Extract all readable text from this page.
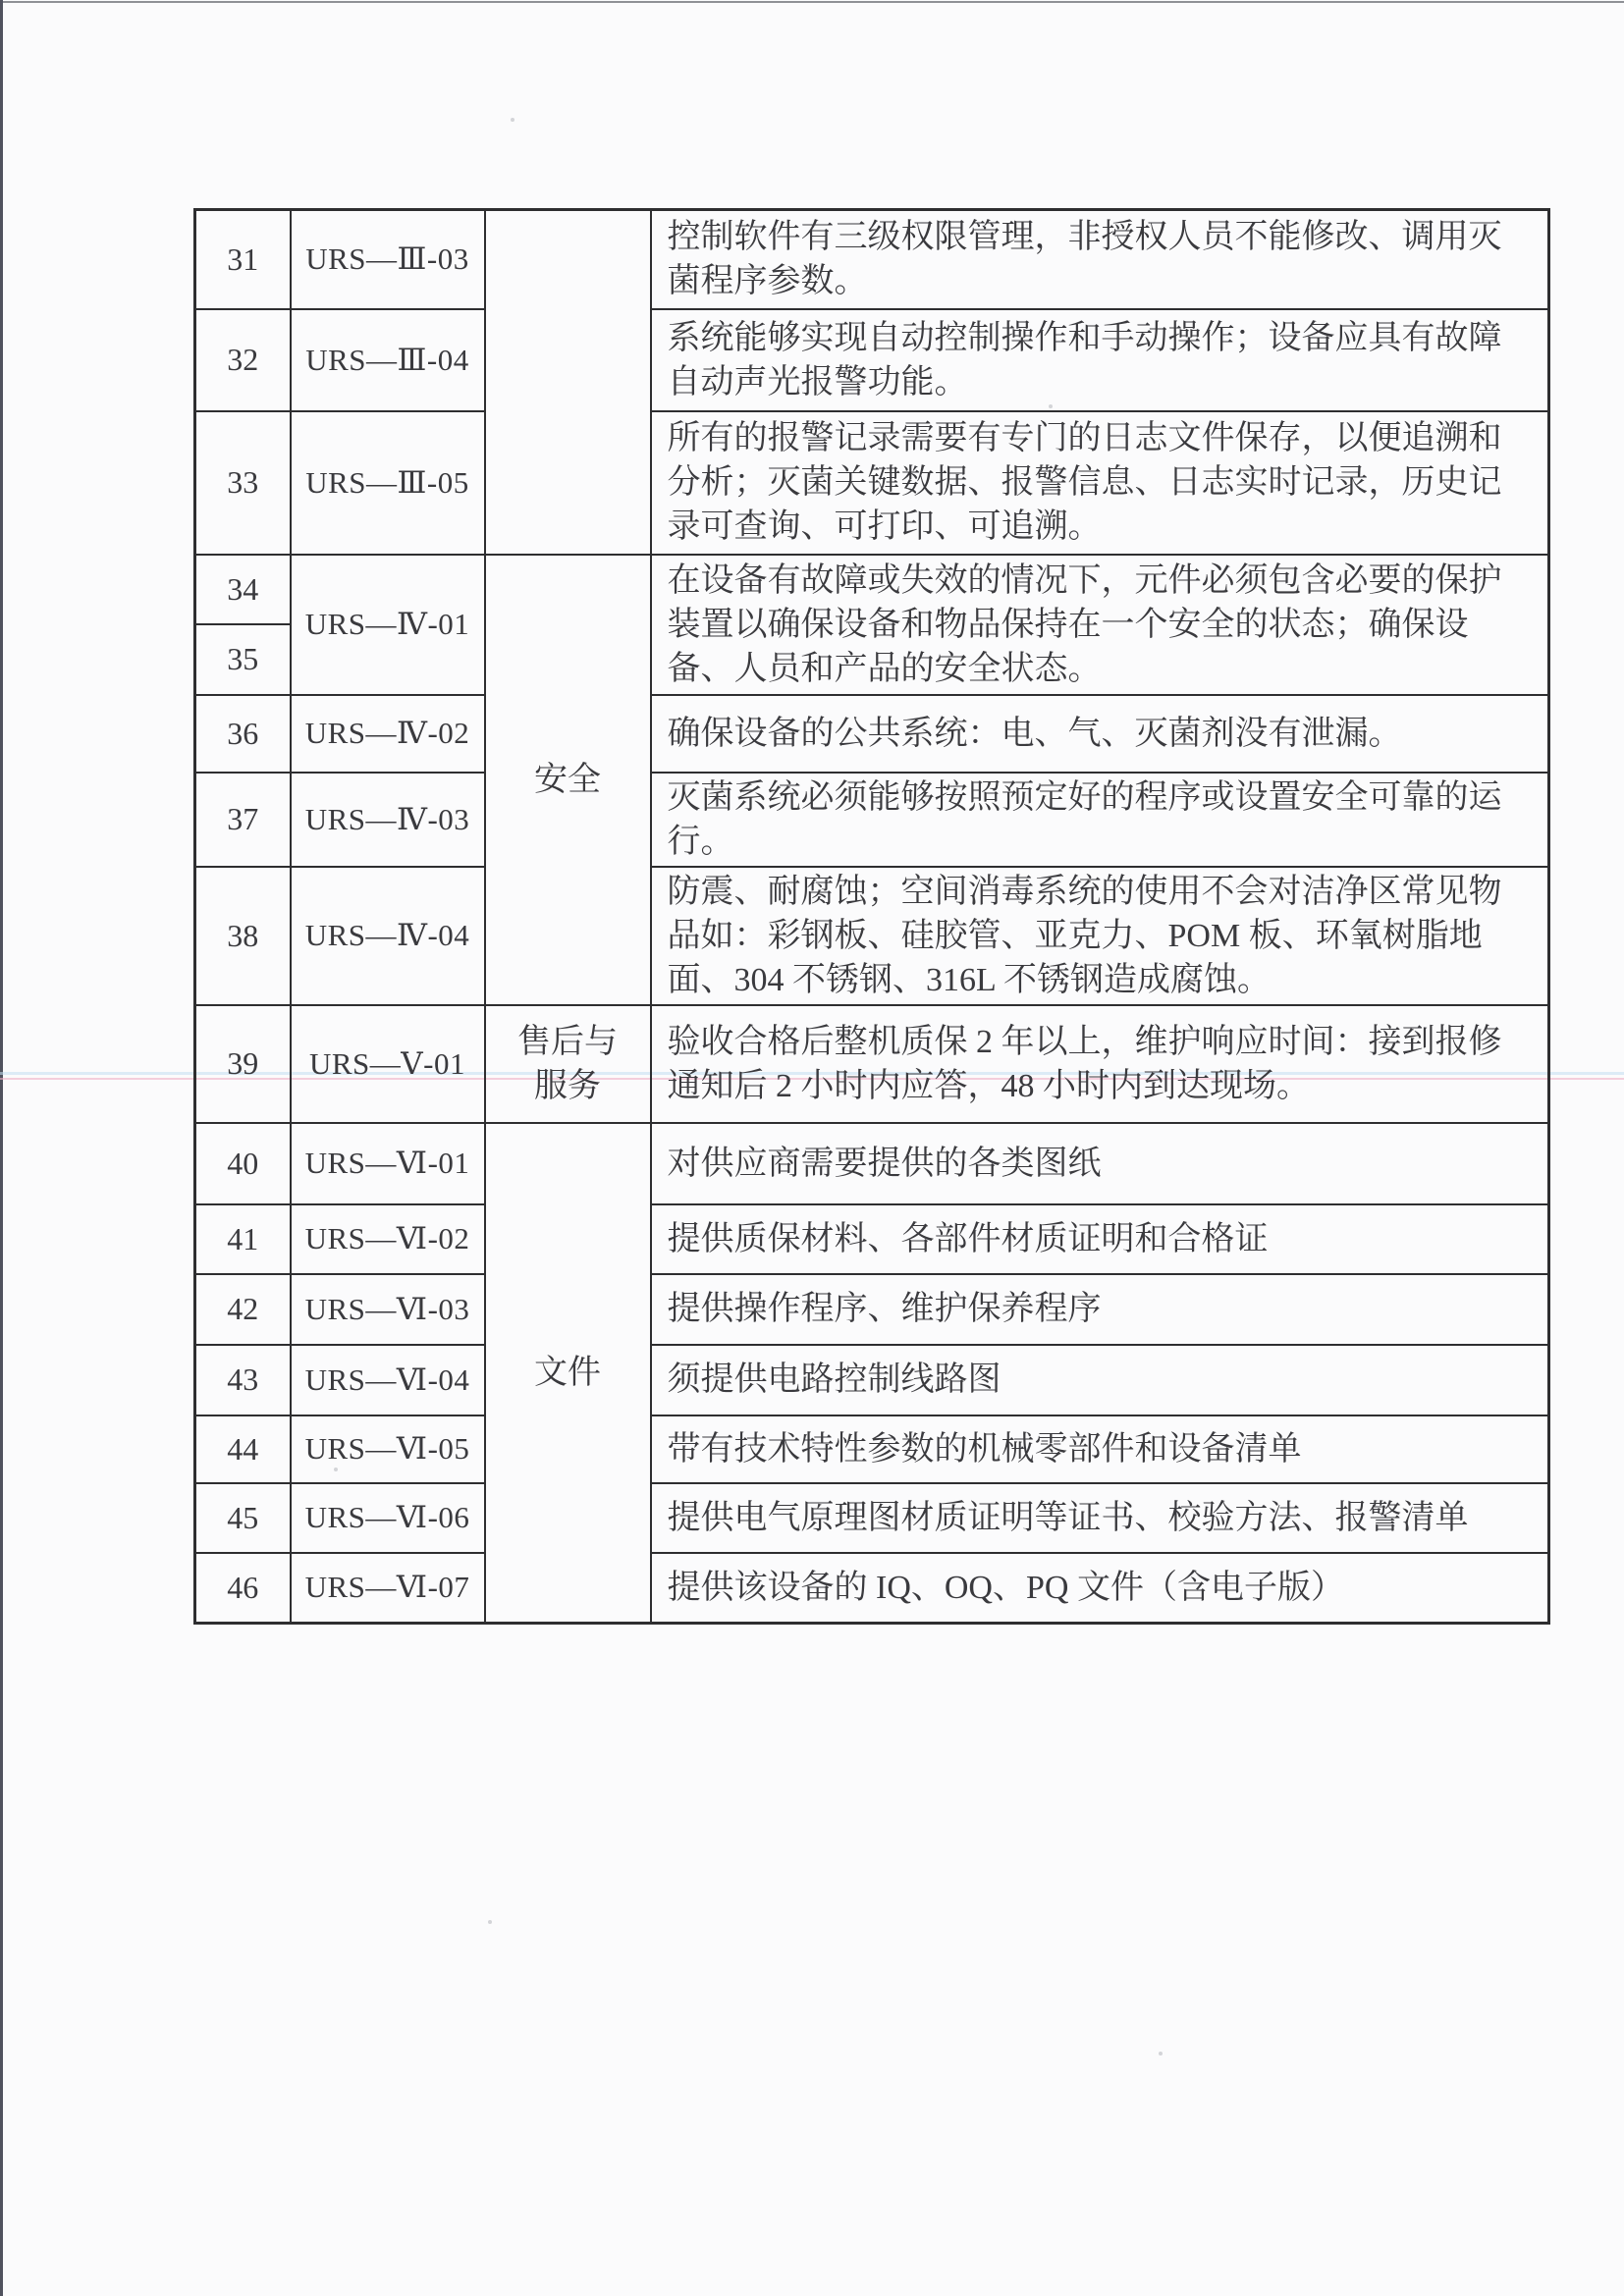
31	URS—Ⅲ-03		控制软件有三级权限管理，非授权人员不能修改、调用灭菌程序参数。
32	URS—Ⅲ-04		系统能够实现自动控制操作和手动操作；设备应具有故障自动声光报警功能。
33	URS—Ⅲ-05		所有的报警记录需要有专门的日志文件保存，以便追溯和分析；灭菌关键数据、报警信息、日志实时记录，历史记录可查询、可打印、可追溯。
34	URS—Ⅳ-01	安全	在设备有故障或失效的情况下，元件必须包含必要的保护装置以确保设备和物品保持在一个安全的状态；确保设备、人员和产品的安全状态。
35			
36	URS—Ⅳ-02		确保设备的公共系统：电、气、灭菌剂没有泄漏。
37	URS—Ⅳ-03		灭菌系统必须能够按照预定好的程序或设置安全可靠的运行。
38	URS—Ⅳ-04		防震、耐腐蚀；空间消毒系统的使用不会对洁净区常见物品如：彩钢板、硅胶管、亚克力、POM 板、环氧树脂地面、304 不锈钢、316L 不锈钢造成腐蚀。
39	URS—Ⅴ-01	售后与服务	验收合格后整机质保 2 年以上，维护响应时间：接到报修通知后 2 小时内应答，48 小时内到达现场。
40	URS—Ⅵ-01	文件	对供应商需要提供的各类图纸
41	URS—Ⅵ-02		提供质保材料、各部件材质证明和合格证
42	URS—Ⅵ-03		提供操作程序、维护保养程序
43	URS—Ⅵ-04		须提供电路控制线路图
44	URS—Ⅵ-05		带有技术特性参数的机械零部件和设备清单
45	URS—Ⅵ-06		提供电气原理图材质证明等证书、校验方法、报警清单
46	URS—Ⅵ-07		提供该设备的 IQ、OQ、PQ 文件（含电子版）
